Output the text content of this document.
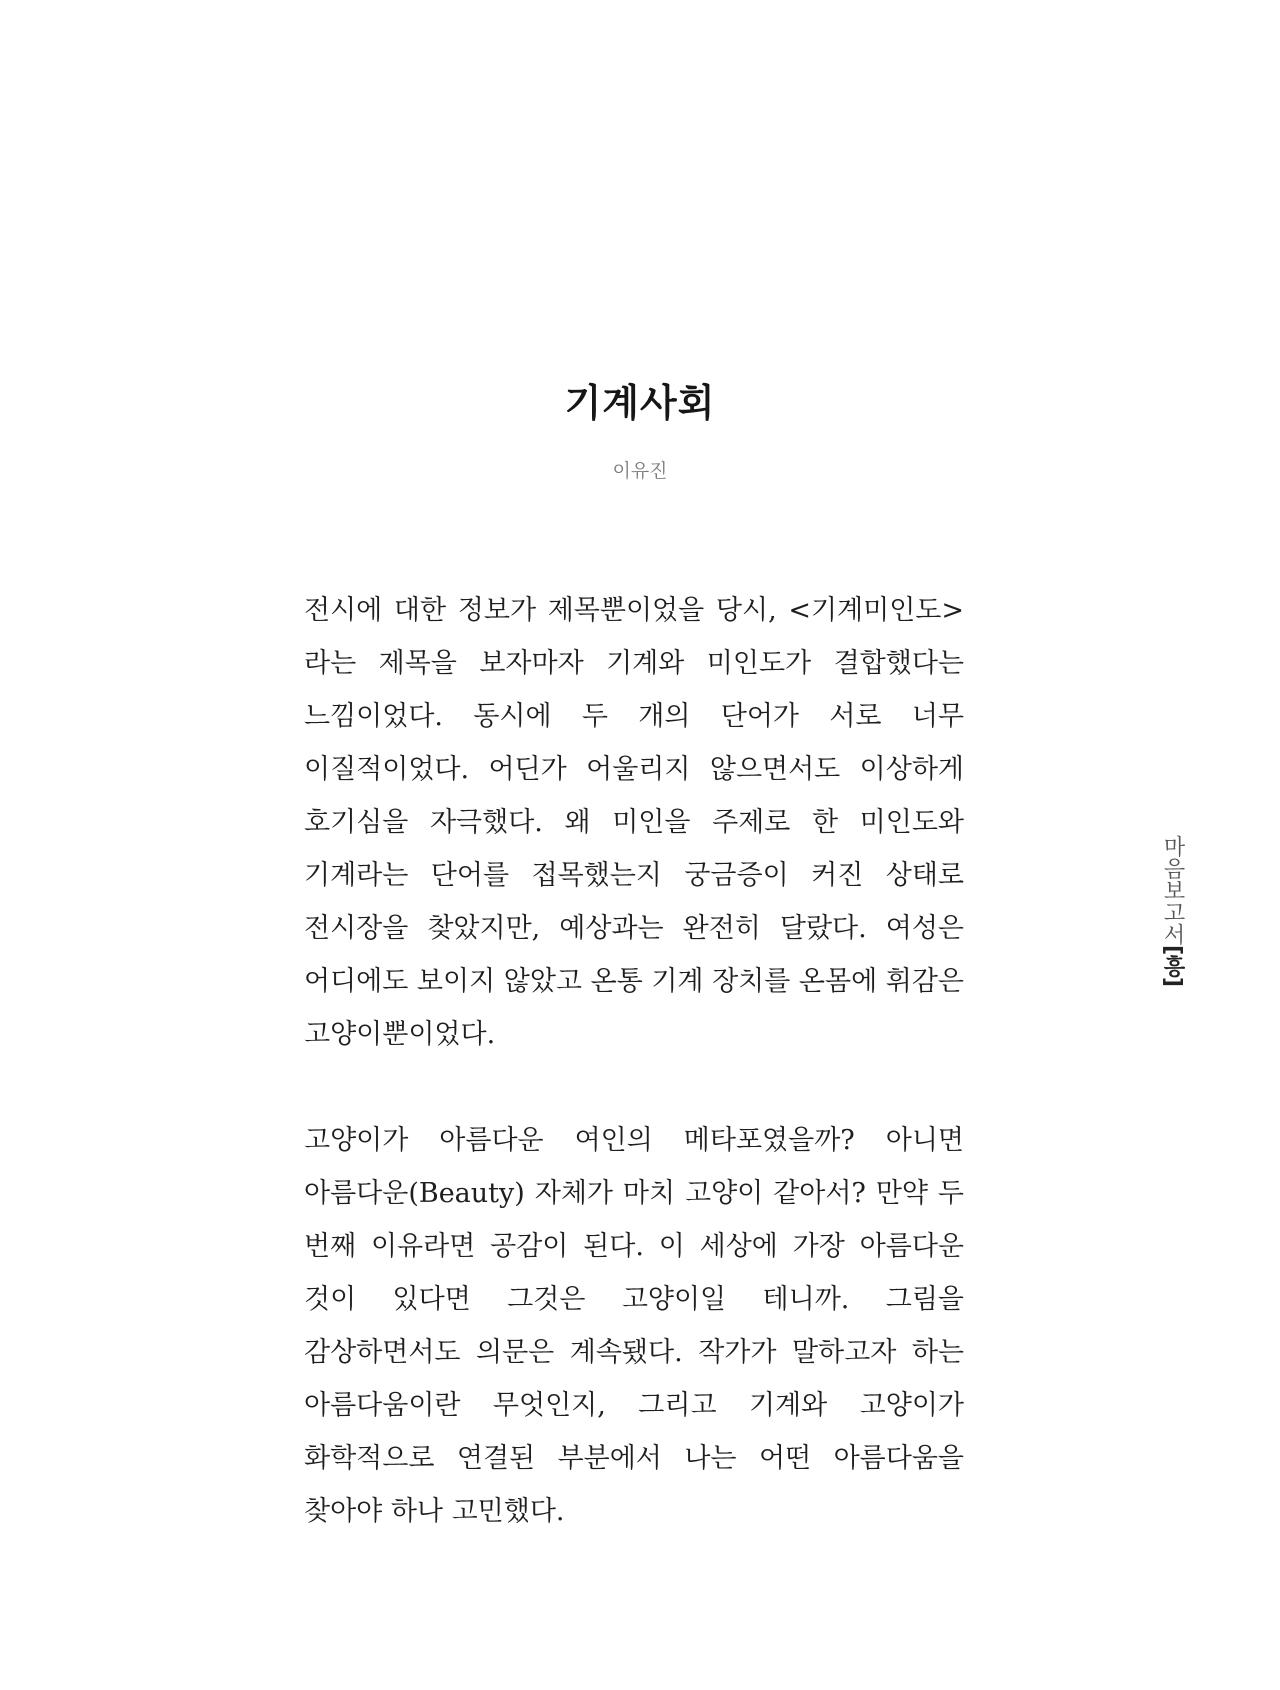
기계사회
이유진

전시에 대한 정보가 제목뿐이었을 당시, <기계미인도>라는 제목을 보자마자 기계와 미인도가 결합했다는 느낌이었다. 동시에 두 개의 단어가 서로 너무 이질적이었다. 어딘가 어울리지 않으면서도 이상하게 호기심을 자극했다. 왜 미인을 주제로 한 미인도와 기계라는 단어를 접목했는지 궁금증이 커진 상태로 전시장을 찾았지만, 예상과는 완전히 달랐다. 여성은 어디에도 보이지 않았고 온통 기계 장치를 온몸에 휘감은 고양이뿐이었다.

고양이가 아름다운 여인의 메타포였을까? 아니면 아름다운(Beauty) 자체가 마치 고양이 같아서? 만약 두 번째 이유라면 공감이 된다. 이 세상에 가장 아름다운 것이 있다면 그것은 고양이일 테니까. 그림을 감상하면서도 의문은 계속됐다. 작가가 말하고자 하는 아름다움이란 무엇인지, 그리고 기계와 고양이가 화학적으로 연결된 부분에서 나는 어떤 아름다움을 찾아야 하나 고민했다.

마음보고서
[
흥
]
